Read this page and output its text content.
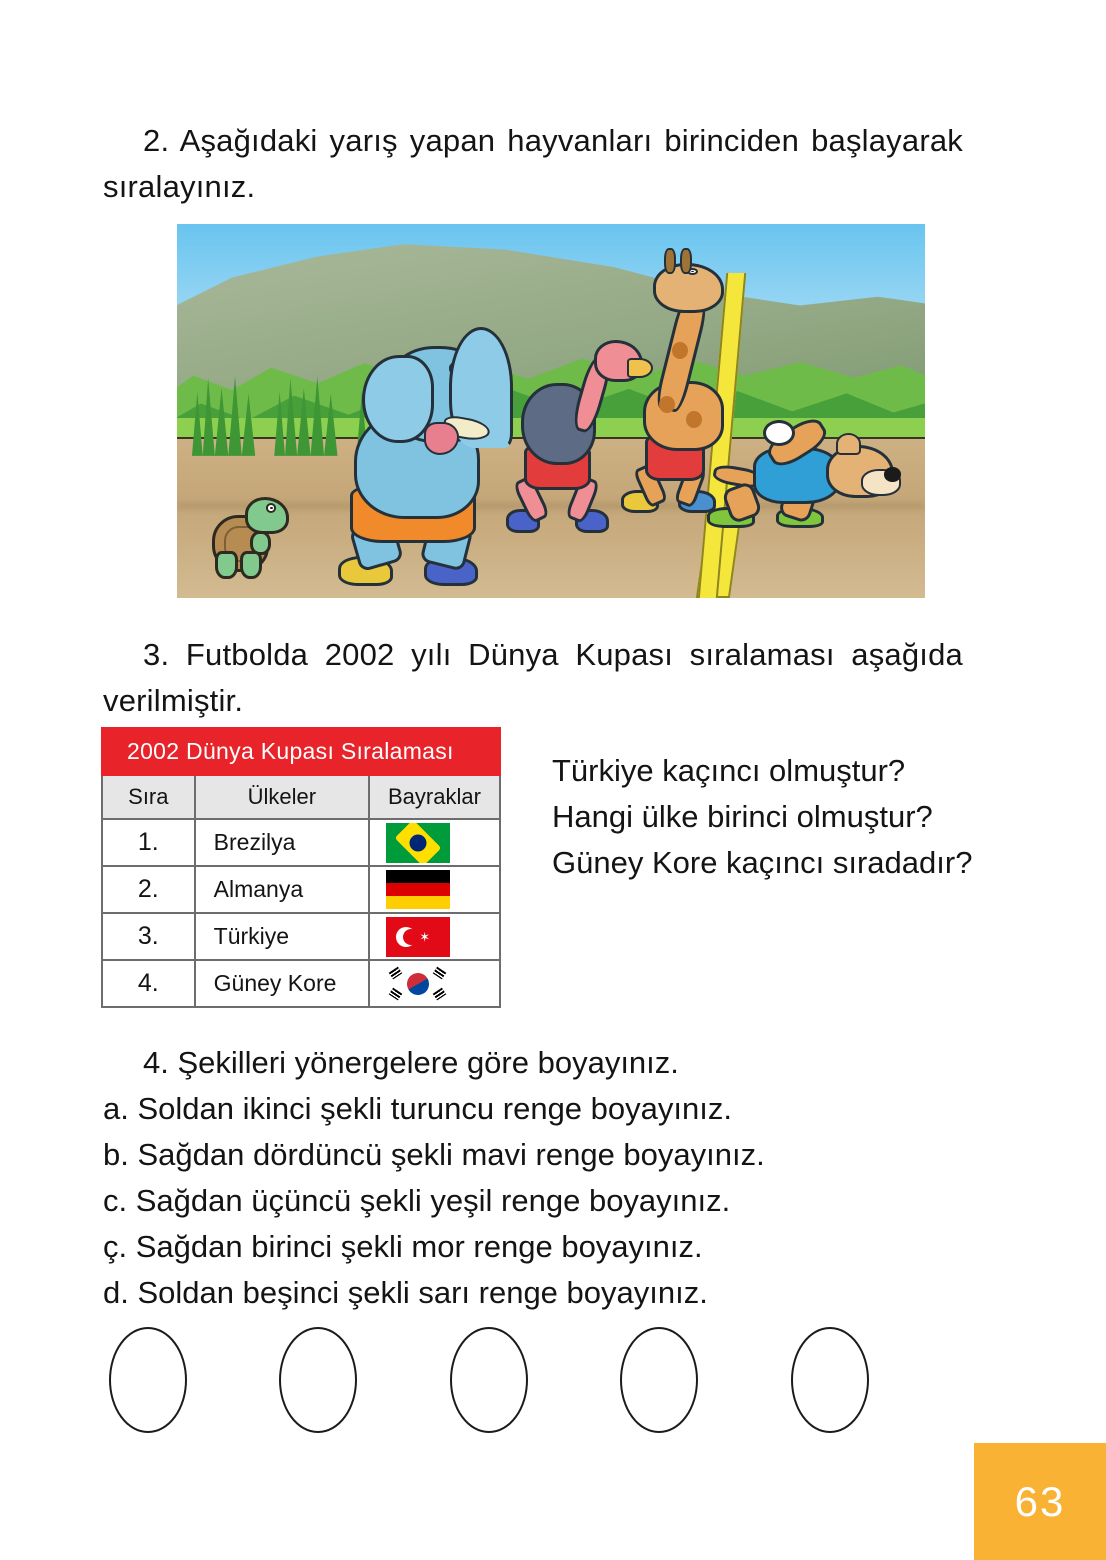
2. Aşağıdaki yarış yapan hayvanları birinciden başlayarak sıralayınız.
3. Futbolda 2002 yılı Dünya Kupası sıralaması aşağıda verilmiştir.
2002 Dünya Kupası Sıralaması		
Sıra	Ülkeler	Bayraklar
1.	Brezilya	

2.	Almanya	

3.	Türkiye	✶

4.	Güney Kore	
Türkiye kaçıncı olmuştur?
Hangi ülke birinci olmuştur?
Güney Kore kaçıncı sıradadır?
4. Şekilleri yönergelere göre boyayınız.
a. Soldan ikinci şekli turuncu renge boyayınız.
b. Sağdan dördüncü şekli mavi renge boyayınız.
c. Sağdan üçüncü şekli yeşil renge boyayınız.
ç. Sağdan birinci şekli mor renge boyayınız.
d. Soldan beşinci şekli sarı renge boyayınız.
63
